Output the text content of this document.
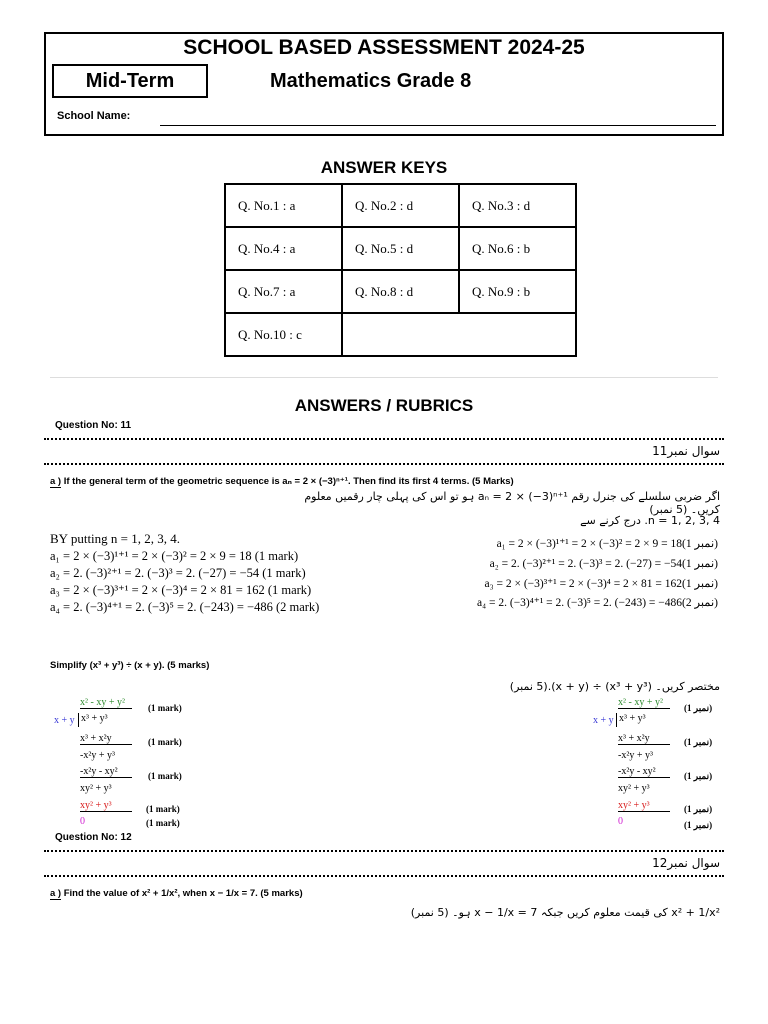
SCHOOL BASED ASSESSMENT 2024-25
Mid-Term	Mathematics Grade 8
School Name:
ANSWER KEYS
Q. No.1 : a	Q. No.2 : d	Q. No.3 : d
Q. No.4 : a	Q. No.5 : d	Q. No.6 : b
Q. No.7 : a	Q. No.8 : d	Q. No.9 : b
Q. No.10 : c		
ANSWERS / RUBRICS
Question No: 11
سوال نمبر11
a ) If the general term of the geometric sequence is aₙ = 2 × (−3)ⁿ⁺¹. Then find its first 4 terms. (5 Marks)
اگر ضربی سلسلے کی جنرل رقم aₙ = 2 × (−3)ⁿ⁺¹ ہو تو اس کی پہلی چار رقمیں معلوم کریں۔ (5 نمبر)
n = 1, 2, 3, 4. درج کرنے سے
BY putting n = 1, 2, 3, 4.
a₁ = 2 × (−3)¹⁺¹ = 2 × (−3)² = 2 × 9 = 18 (1 mark)
a₂ = 2. (−3)²⁺¹ = 2. (−3)³ = 2. (−27) = −54 (1 mark)
a₃ = 2 × (−3)³⁺¹ = 2 × (−3)⁴ = 2 × 81 = 162 (1 mark)
a₄ = 2. (−3)⁴⁺¹ = 2. (−3)⁵ = 2. (−243) = −486 (2 mark)
a₁ = 2 × (−3)¹⁺¹ = 2 × (−3)² = 2 × 9 = 18(1 نمبر)
a₂ = 2. (−3)²⁺¹ = 2. (−3)³ = 2. (−27) = −54(1 نمبر)
a₃ = 2 × (−3)³⁺¹ = 2 × (−3)⁴ = 2 × 81 = 162(1 نمبر)
a₄ = 2. (−3)⁴⁺¹ = 2. (−3)⁵ = 2. (−243) = −486(2 نمبر)
Simplify (x³ + y³) ÷ (x + y). (5 marks)
مختصر کریں۔ (x³ + y³) ÷ (x + y).(5 نمبر)
x² - xy + y²
x + y x³ + y³
x³ + x²y
-x²y + y³
-x²y - xy²
xy² + y³
xy² + y³
0
(1 mark)
(1 mark)
(1 mark)
(1 mark)
(1 mark)
x² - xy + y²
x + y x³ + y³
x³ + x²y
-x²y + y³
-x²y - xy²
xy² + y³
xy² + y³
0
(1 نمبر)
(1 نمبر)
(1 نمبر)
(1 نمبر)
(1 نمبر)
Question No: 12
سوال نمبر12
a ) Find the value of x² + 1/x², when x − 1/x = 7. (5 marks)
x² + 1/x² کی قیمت معلوم کریں جبکہ x − 1/x = 7 ہو۔ (5 نمبر)
